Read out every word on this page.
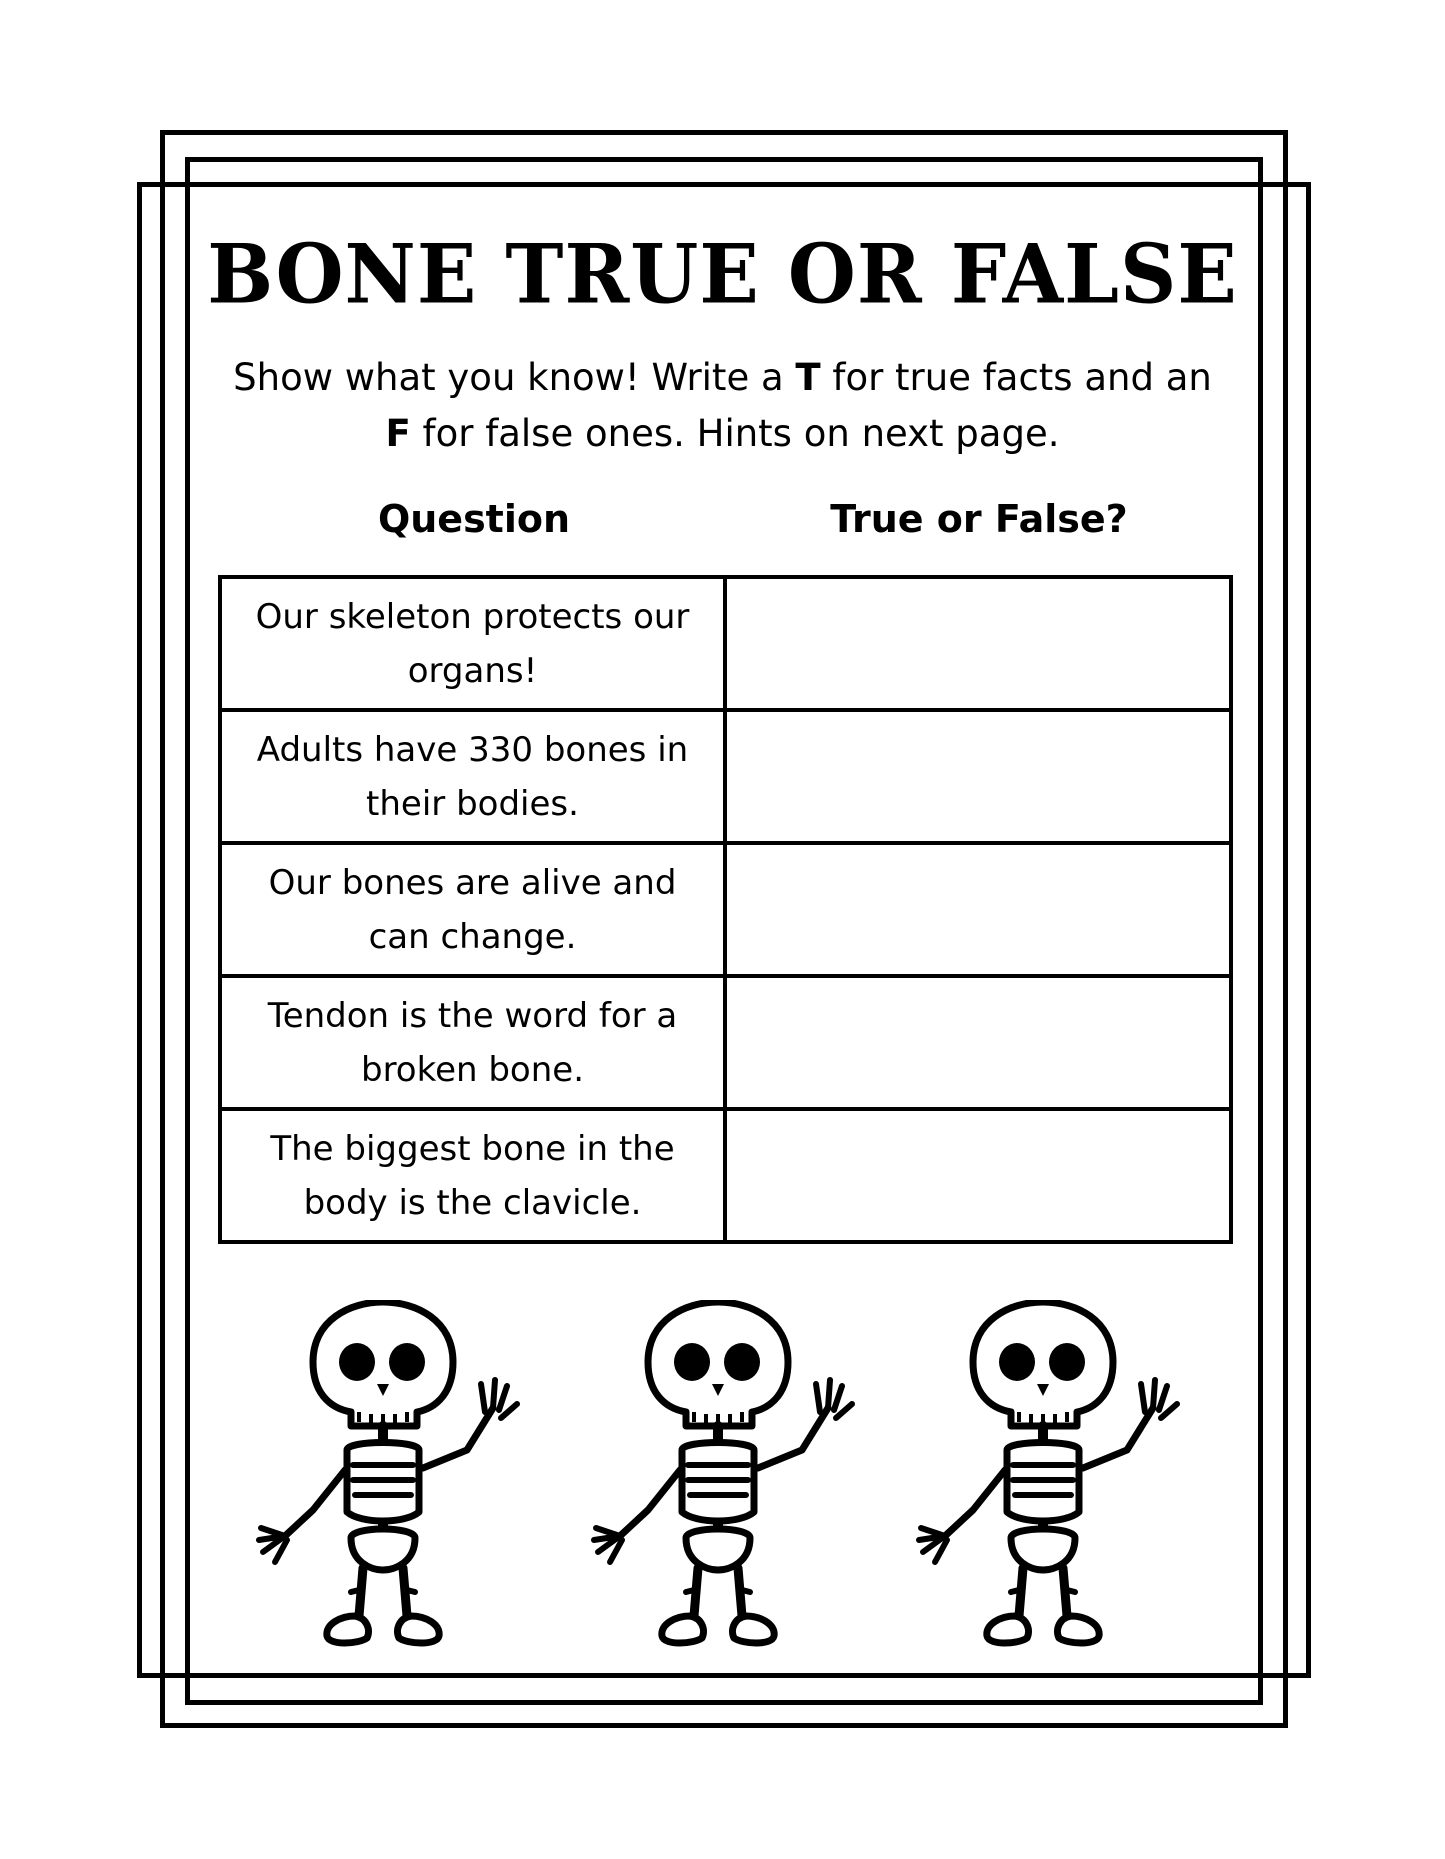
BONE TRUE OR FALSE
Show what you know! Write a T for true facts and an F for false ones. Hints on next page.
Question	True or False?
Our skeleton protects our organs!	
Adults have 330 bones in their bodies.	
Our bones are alive and can change.	
Tendon is the word for a broken bone.	
The biggest bone in the body is the clavicle.	
